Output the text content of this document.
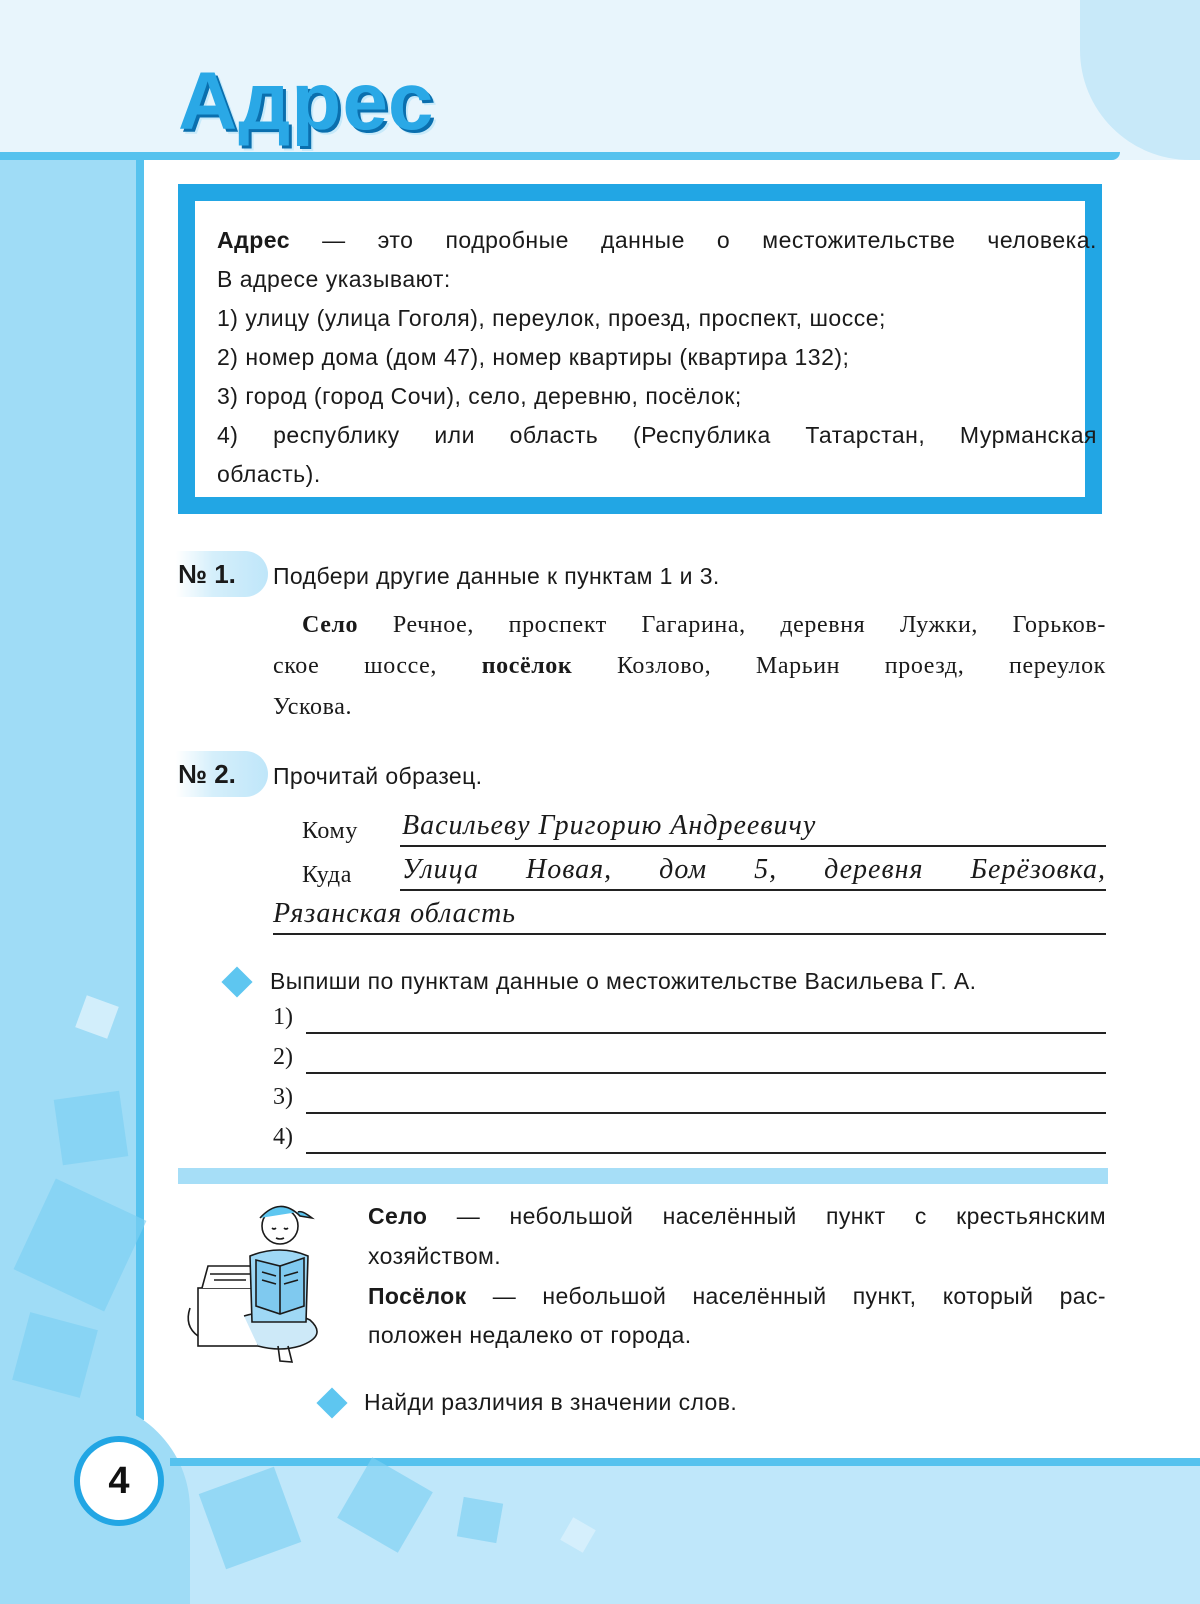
Адрес
Адрес — это подробные данные о местожительстве человека.
В адресе указывают:
1) улицу (улица Гоголя), переулок, проезд, проспект, шоссе;
2) номер дома (дом 47), номер квартиры (квартира 132);
3) город (город Сочи), село, деревню, посёлок;
4) республику или область (Республика Татарстан, Мурманская
область).
№ 1.	Подбери другие данные к пунктам 1 и 3.
Село Речное, проспект Гагарина, деревня Лужки, Горьков-
ское шоссе, посёлок Козлово, Марьин проезд, переулок
Ускова.
№ 2.	Прочитай образец.
Кому Васильеву Григорию Андреевичу
Куда Улица Новая, дом 5, деревня Берёзовка,
Рязанская область
Выпиши по пунктам данные о местожительстве Васильева Г. А.
1)
2)
3)
4)
Село — небольшой населённый пункт с крестьянским
хозяйством.
Посёлок — небольшой населённый пункт, который рас-
положен недалеко от города.
Найди различия в значении слов.
4
